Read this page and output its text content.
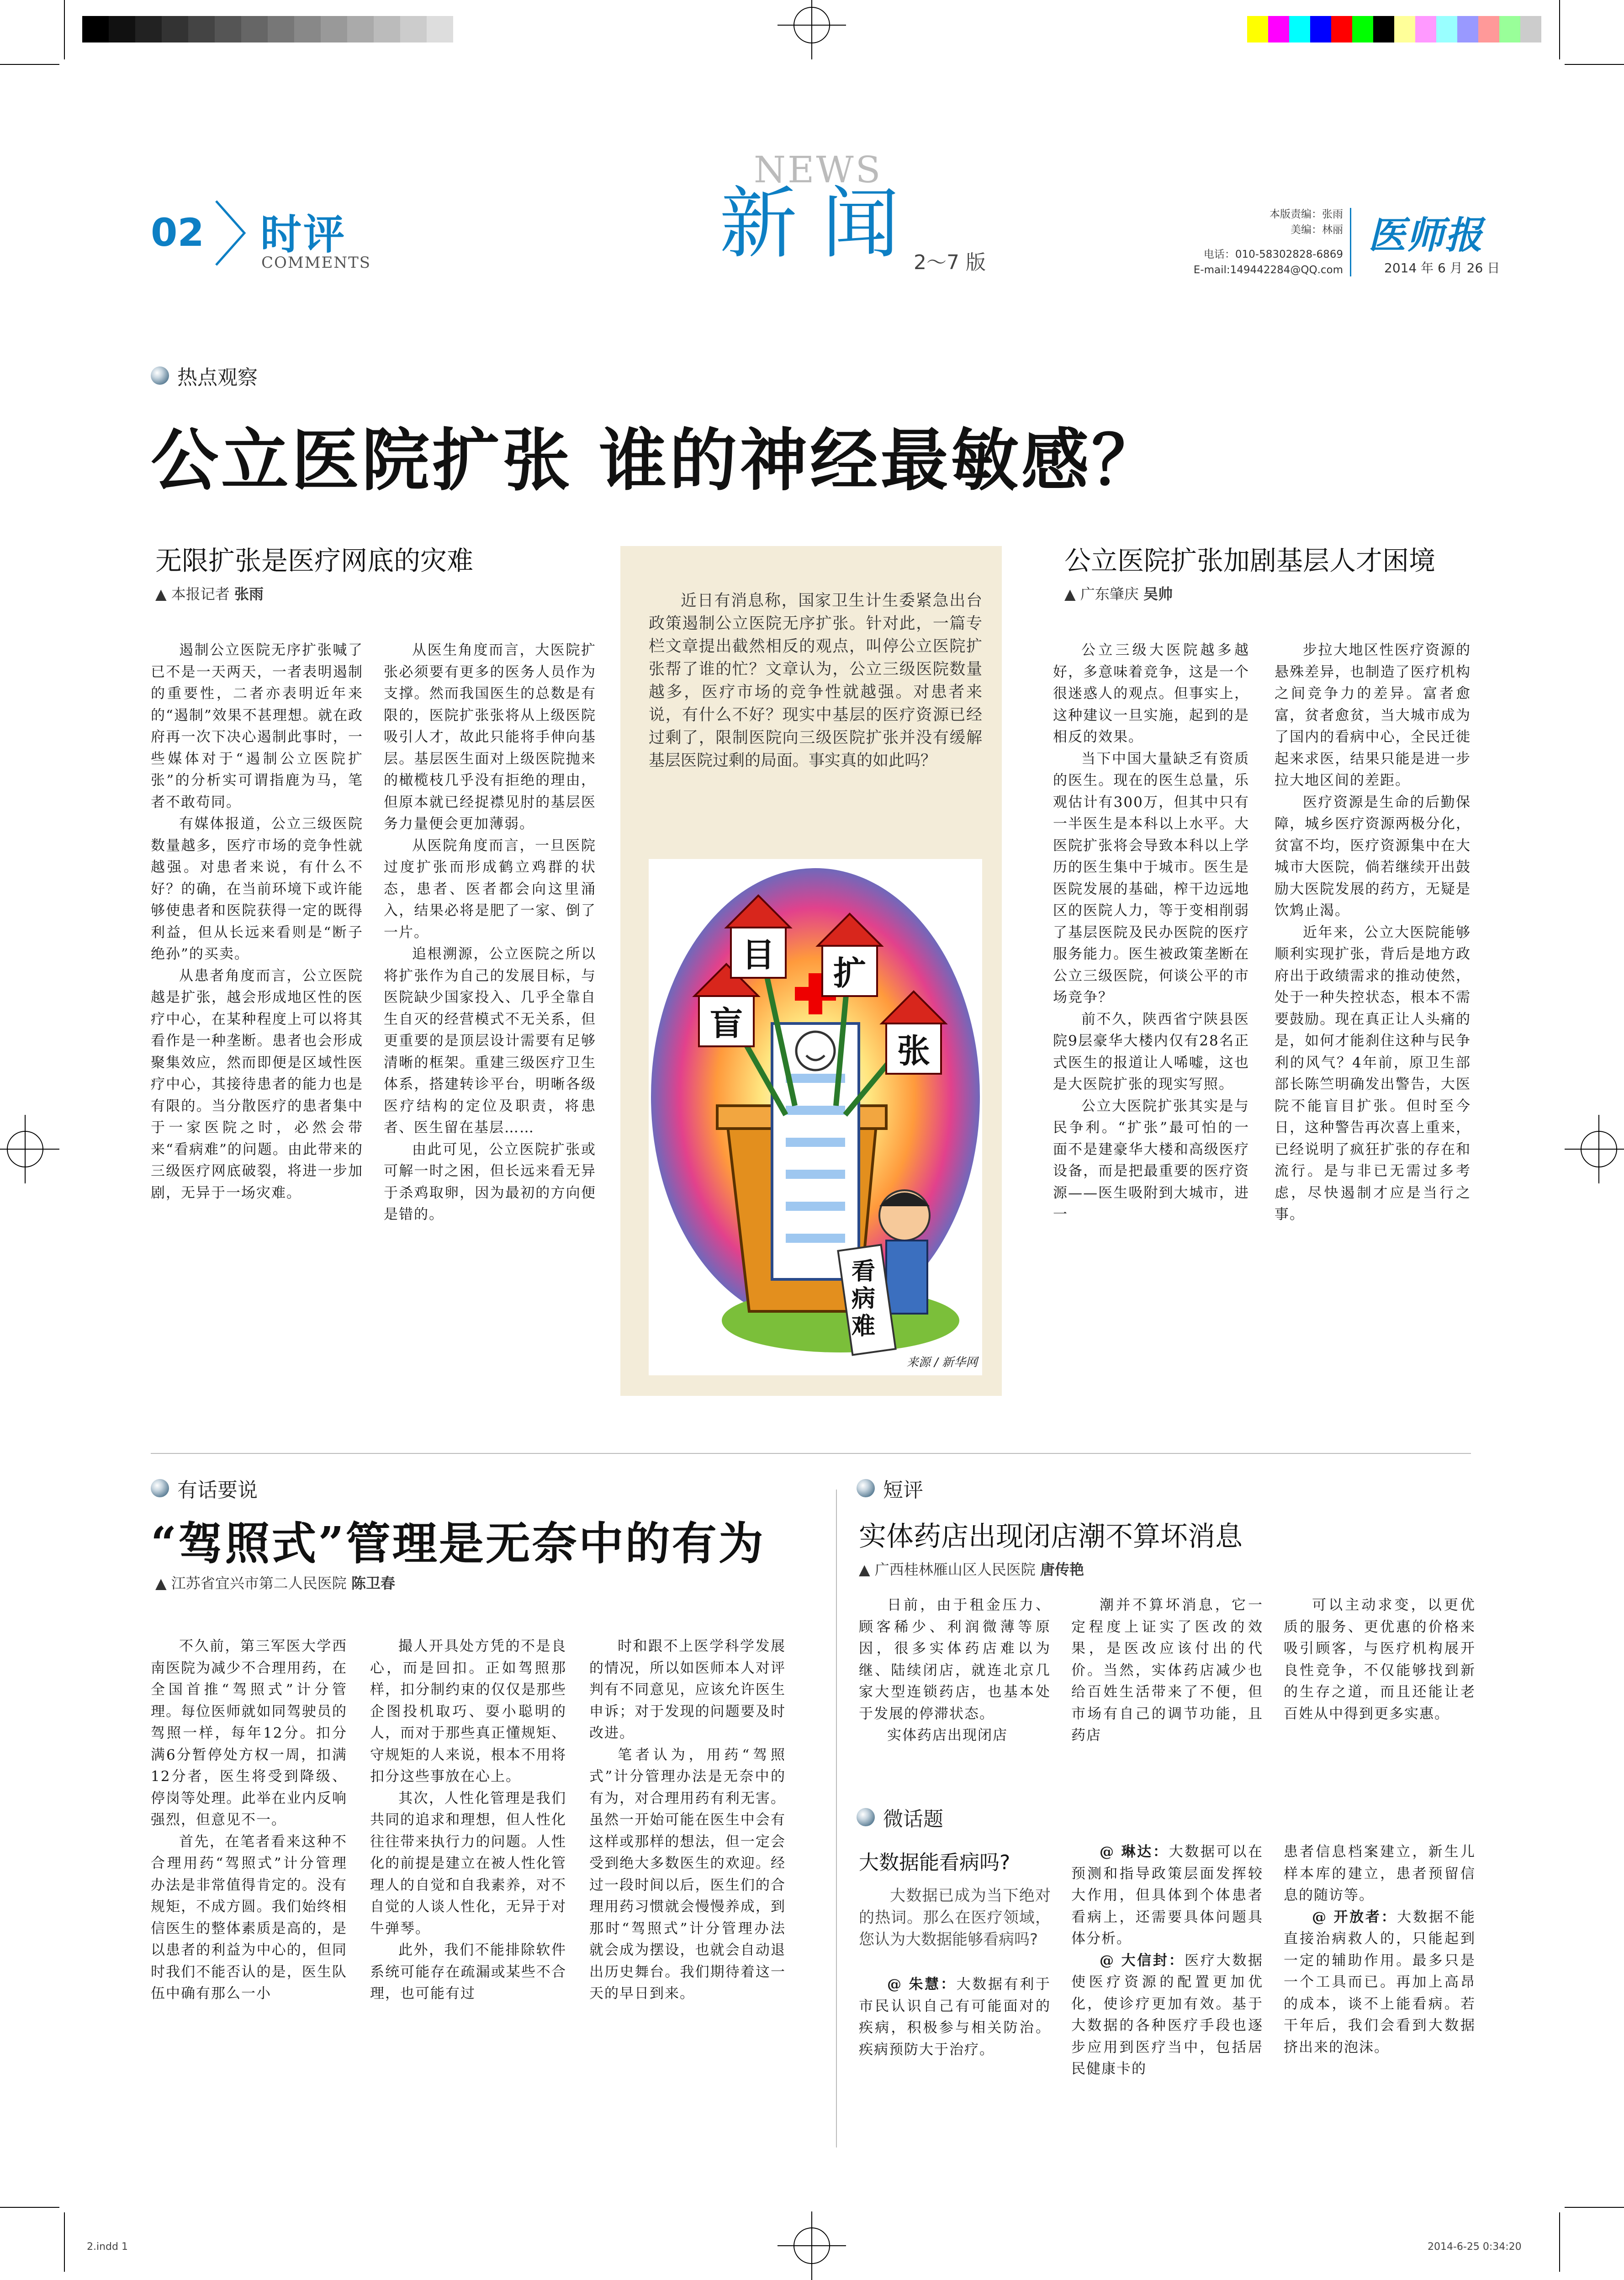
02 时评
COMMENTS
NEWS
新 闻 2～7 版
本版责编：张雨
美编：林丽
电话：010-58302828-6869
E-mail:149442284@QQ.com
医师报
2014 年 6 月 26 日
热点观察
公立医院扩张 谁的神经最敏感？
无限扩张是医疗网底的灾难
▲ 本报记者 张雨

遏制公立医院无序扩张喊了已不是一天两天，一者表明遏制的重要性，二者亦表明近年来的“遏制”效果不甚理想。就在政府再一次下决心遏制此事时，一些媒体对于“遏制公立医院扩张”的分析实可谓指鹿为马，笔者不敢苟同。

有媒体报道，公立三级医院数量越多，医疗市场的竞争性就越强。对患者来说，有什么不好？的确，在当前环境下或许能够使患者和医院获得一定的既得利益，但从长远来看则是“断子绝孙”的买卖。

从患者角度而言，公立医院越是扩张，越会形成地区性的医疗中心，在某种程度上可以将其看作是一种垄断。患者也会形成聚集效应，然而即便是区域性医疗中心，其接待患者的能力也是有限的。当分散医疗的患者集中于一家医院之时，必然会带来“看病难”的问题。由此带来的三级医疗网底破裂，将进一步加剧，无异于一场灾难。

从医生角度而言，大医院扩张必须要有更多的医务人员作为支撑。然而我国医生的总数是有限的，医院扩张张将从上级医院吸引人才，故此只能将手伸向基层。基层医生面对上级医院抛来的橄榄枝几乎没有拒绝的理由，但原本就已经捉襟见肘的基层医务力量便会更加薄弱。

从医院角度而言，一旦医院过度扩张而形成鹤立鸡群的状态，患者、医者都会向这里涌入，结果必将是肥了一家、倒了一片。

追根溯源，公立医院之所以将扩张作为自己的发展目标，与医院缺少国家投入、几乎全靠自生自灭的经营模式不无关系，但更重要的是顶层设计需要有足够清晰的框架。重建三级医疗卫生体系，搭建转诊平台，明晰各级医疗结构的定位及职责，将患者、医生留在基层……

由此可见，公立医院扩张或可解一时之困，但长远来看无异于杀鸡取卵，因为最初的方向便是错的。

近日有消息称，国家卫生计生委紧急出台政策遏制公立医院无序扩张。针对此，一篇专栏文章提出截然相反的观点，叫停公立医院扩张帮了谁的忙？文章认为，公立三级医院数量越多，医疗市场的竞争性就越强。对患者来说，有什么不好？现实中基层的医疗资源已经过剩了，限制医院向三级医院扩张并没有缓解基层医院过剩的局面。事实真的如此吗？
盲
目 扩
张
看
病
难
来源 / 新华网
公立医院扩张加剧基层人才困境
▲ 广东肇庆 吴帅

公立三级大医院越多越好，多意味着竞争，这是一个很迷惑人的观点。但事实上，这种建议一旦实施，起到的是相反的效果。

当下中国大量缺乏有资质的医生。现在的医生总量，乐观估计有300万，但其中只有一半医生是本科以上水平。大医院扩张将会导致本科以上学历的医生集中于城市。医生是医院发展的基础，榨干边远地区的医院人力，等于变相削弱了基层医院及民办医院的医疗服务能力。医生被政策垄断在公立三级医院，何谈公平的市场竞争？

前不久，陕西省宁陕县医院9层豪华大楼内仅有28名正式医生的报道让人唏嘘，这也是大医院扩张的现实写照。

公立大医院扩张其实是与民争利。“扩张”最可怕的一面不是建豪华大楼和高级医疗设备，而是把最重要的医疗资源——医生吸附到大城市，进一

步拉大地区性医疗资源的悬殊差异，也制造了医疗机构之间竞争力的差异。富者愈富，贫者愈贫，当大城市成为了国内的看病中心，全民迁徙起来求医，结果只能是进一步拉大地区间的差距。

医疗资源是生命的后勤保障，城乡医疗资源两极分化，贫富不均，医疗资源集中在大城市大医院，倘若继续开出鼓励大医院发展的药方，无疑是饮鸩止渴。

近年来，公立大医院能够顺利实现扩张，背后是地方政府出于政绩需求的推动使然，处于一种失控状态，根本不需要鼓励。现在真正让人头痛的是，如何才能刹住这种与民争利的风气？4年前，原卫生部部长陈竺明确发出警告，大医院不能盲目扩张。但时至今日，这种警告再次喜上重来，已经说明了疯狂扩张的存在和流行。是与非已无需过多考虑，尽快遏制才应是当行之事。

有话要说
“驾照式”管理是无奈中的有为
▲ 江苏省宜兴市第二人民医院 陈卫春

不久前，第三军医大学西南医院为减少不合理用药，在全国首推“驾照式”计分管理。每位医师就如同驾驶员的驾照一样，每年12分。扣分满6分暂停处方权一周，扣满12分者，医生将受到降级、停岗等处理。此举在业内反响强烈，但意见不一。

首先，在笔者看来这种不合理用药“驾照式”计分管理办法是非常值得肯定的。没有规矩，不成方圆。我们始终相信医生的整体素质是高的，是以患者的利益为中心的，但同时我们不能否认的是，医生队伍中确有那么一小

撮人开具处方凭的不是良心，而是回扣。正如驾照那样，扣分制约束的仅仅是那些企图投机取巧、耍小聪明的人，而对于那些真正懂规矩、守规矩的人来说，根本不用将扣分这些事放在心上。

其次，人性化管理是我们共同的追求和理想，但人性化往往带来执行力的问题。人性化的前提是建立在被人性化管理人的自觉和自我素养，对不自觉的人谈人性化，无异于对牛弹琴。

此外，我们不能排除软件系统可能存在疏漏或某些不合理，也可能有过

时和跟不上医学科学发展的情况，所以如医师本人对评判有不同意见，应该允许医生申诉；对于发现的问题要及时改进。

笔者认为，用药“驾照式”计分管理办法是无奈中的有为，对合理用药有利无害。虽然一开始可能在医生中会有这样或那样的想法，但一定会受到绝大多数医生的欢迎。经过一段时间以后，医生们的合理用药习惯就会慢慢养成，到那时“驾照式”计分管理办法就会成为摆设，也就会自动退出历史舞台。我们期待着这一天的早日到来。

短评
实体药店出现闭店潮不算坏消息
▲ 广西桂林雁山区人民医院 唐传艳

日前，由于租金压力、顾客稀少、利润微薄等原因，很多实体药店难以为继、陆续闭店，就连北京几家大型连锁药店，也基本处于发展的停滞状态。

实体药店出现闭店

潮并不算坏消息，它一定程度上证实了医改的效果，是医改应该付出的代价。当然，实体药店减少也给百姓生活带来了不便，但市场有自己的调节功能，且药店

可以主动求变，以更优质的服务、更优惠的价格来吸引顾客，与医疗机构展开良性竞争，不仅能够找到新的生存之道，而且还能让老百姓从中得到更多实惠。

微话题
大数据能看病吗?
大数据已成为当下绝对的热词。那么在医疗领域，您认为大数据能够看病吗?

@ 朱慧：大数据有利于市民认识自己有可能面对的疾病，积极参与相关防治。疾病预防大于治疗。

@ 琳达：大数据可以在预测和指导政策层面发挥较大作用，但具体到个体患者看病上，还需要具体问题具体分析。

@ 大信封：医疗大数据使医疗资源的配置更加优化，使诊疗更加有效。基于大数据的各种医疗手段也逐步应用到医疗当中，包括居民健康卡的

患者信息档案建立，新生儿样本库的建立，患者预留信息的随访等。

@ 开放者：大数据不能直接治病救人的，只能起到一定的辅助作用。最多只是一个工具而已。再加上高昂的成本，谈不上能看病。若干年后，我们会看到大数据挤出来的泡沫。

2.indd 1	2014-6-25 0:34:20
